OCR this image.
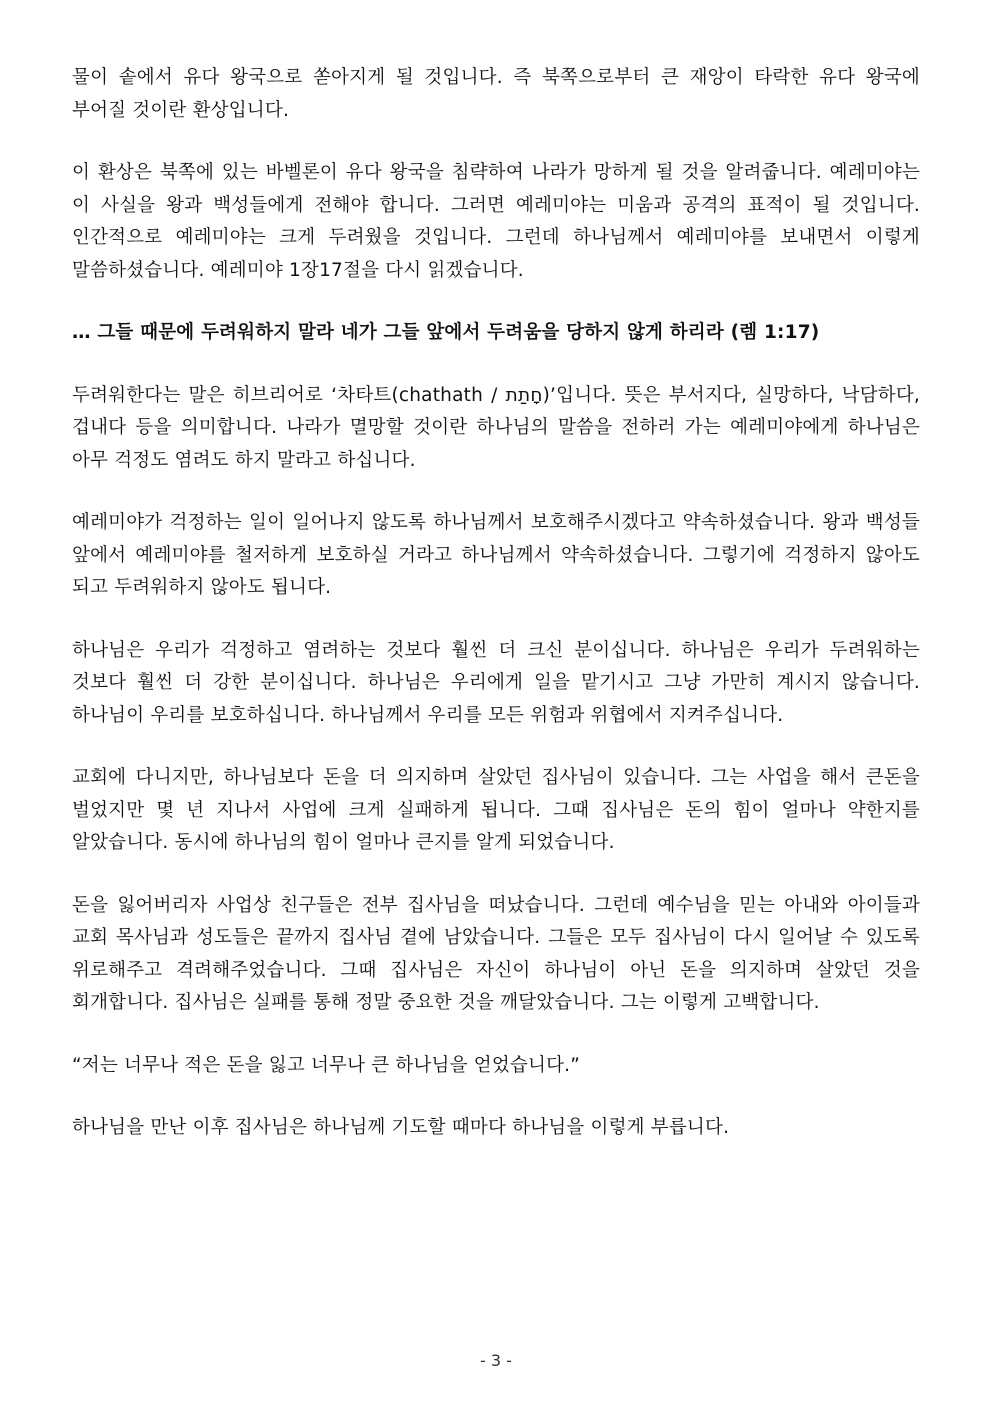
물이 솥에서 유다 왕국으로 쏟아지게 될 것입니다. 즉 북쪽으로부터 큰 재앙이 타락한 유다 왕국에 부어질 것이란 환상입니다.

이 환상은 북쪽에 있는 바벨론이 유다 왕국을 침략하여 나라가 망하게 될 것을 알려줍니다. 예레미야는 이 사실을 왕과 백성들에게 전해야 합니다. 그러면 예레미야는 미움과 공격의 표적이 될 것입니다. 인간적으로 예레미야는 크게 두려웠을 것입니다. 그런데 하나님께서 예레미야를 보내면서 이렇게 말씀하셨습니다. 예레미야 1장17절을 다시 읽겠습니다.

… 그들 때문에 두려워하지 말라 네가 그들 앞에서 두려움을 당하지 않게 하리라 (렘 1:17)

두려워한다는 말은 히브리어로 ‘차타트(chathath / חָתַת)’입니다. 뜻은 부서지다, 실망하다, 낙담하다, 겁내다 등을 의미합니다. 나라가 멸망할 것이란 하나님의 말씀을 전하러 가는 예레미야에게 하나님은 아무 걱정도 염려도 하지 말라고 하십니다.

예레미야가 걱정하는 일이 일어나지 않도록 하나님께서 보호해주시겠다고 약속하셨습니다. 왕과 백성들 앞에서 예레미야를 철저하게 보호하실 거라고 하나님께서 약속하셨습니다. 그렇기에 걱정하지 않아도 되고 두려워하지 않아도 됩니다.

하나님은 우리가 걱정하고 염려하는 것보다 훨씬 더 크신 분이십니다. 하나님은 우리가 두려워하는 것보다 훨씬 더 강한 분이십니다. 하나님은 우리에게 일을 맡기시고 그냥 가만히 계시지 않습니다. 하나님이 우리를 보호하십니다. 하나님께서 우리를 모든 위험과 위협에서 지켜주십니다.

교회에 다니지만, 하나님보다 돈을 더 의지하며 살았던 집사님이 있습니다. 그는 사업을 해서 큰돈을 벌었지만 몇 년 지나서 사업에 크게 실패하게 됩니다. 그때 집사님은 돈의 힘이 얼마나 약한지를 알았습니다. 동시에 하나님의 힘이 얼마나 큰지를 알게 되었습니다.

돈을 잃어버리자 사업상 친구들은 전부 집사님을 떠났습니다. 그런데 예수님을 믿는 아내와 아이들과 교회 목사님과 성도들은 끝까지 집사님 곁에 남았습니다. 그들은 모두 집사님이 다시 일어날 수 있도록 위로해주고 격려해주었습니다. 그때 집사님은 자신이 하나님이 아닌 돈을 의지하며 살았던 것을 회개합니다. 집사님은 실패를 통해 정말 중요한 것을 깨달았습니다. 그는 이렇게 고백합니다.

“저는 너무나 적은 돈을 잃고 너무나 큰 하나님을 얻었습니다.”

하나님을 만난 이후 집사님은 하나님께 기도할 때마다 하나님을 이렇게 부릅니다.

- 3 -
